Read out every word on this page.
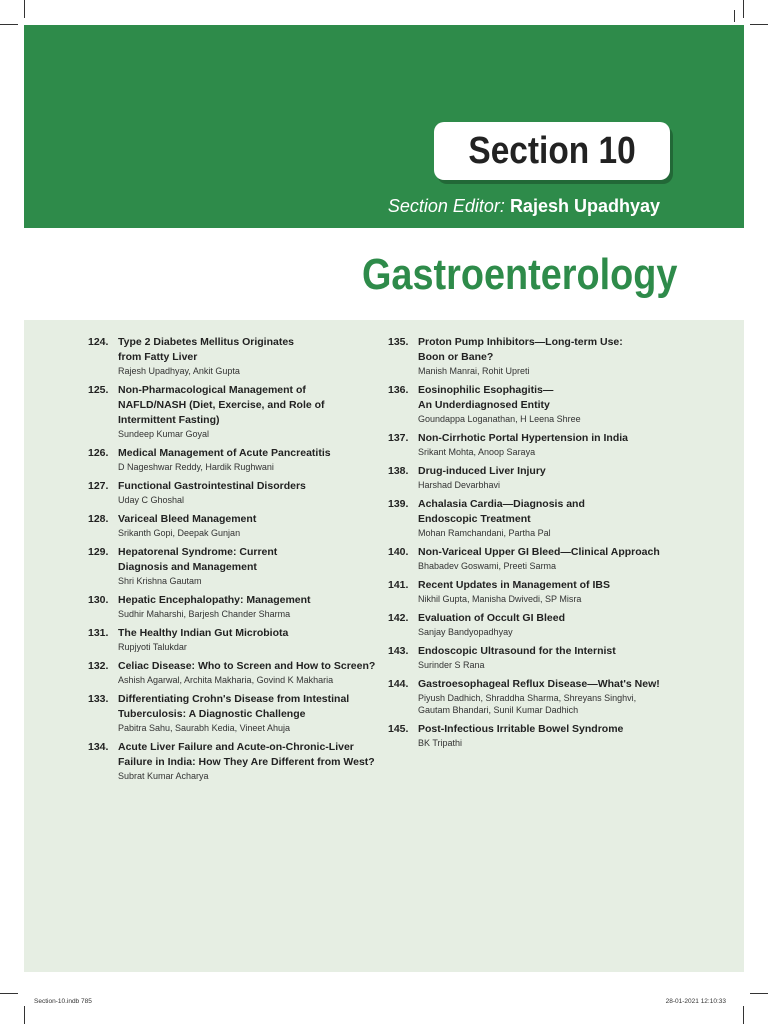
Section 10
Section Editor: Rajesh Upadhyay
Gastroenterology
124. Type 2 Diabetes Mellitus Originates
from Fatty Liver
Rajesh Upadhyay, Ankit Gupta
125. Non-Pharmacological Management of
NAFLD/NASH (Diet, Exercise, and Role of
Intermittent Fasting)
Sundeep Kumar Goyal
126. Medical Management of Acute Pancreatitis
D Nageshwar Reddy, Hardik Rughwani
127. Functional Gastrointestinal Disorders
Uday C Ghoshal
128. Variceal Bleed Management
Srikanth Gopi, Deepak Gunjan
129. Hepatorenal Syndrome: Current
Diagnosis and Management
Shri Krishna Gautam
130. Hepatic Encephalopathy: Management
Sudhir Maharshi, Barjesh Chander Sharma
131. The Healthy Indian Gut Microbiota
Rupjyoti Talukdar
132. Celiac Disease: Who to Screen and How to Screen?
Ashish Agarwal, Archita Makharia, Govind K Makharia
133. Differentiating Crohn's Disease from Intestinal
Tuberculosis: A Diagnostic Challenge
Pabitra Sahu, Saurabh Kedia, Vineet Ahuja
134. Acute Liver Failure and Acute-on-Chronic-Liver
Failure in India: How They Are Different from West?
Subrat Kumar Acharya
135. Proton Pump Inhibitors—Long-term Use:
Boon or Bane?
Manish Manrai, Rohit Upreti
136. Eosinophilic Esophagitis—
An Underdiagnosed Entity
Goundappa Loganathan, H Leena Shree
137. Non-Cirrhotic Portal Hypertension in India
Srikant Mohta, Anoop Saraya
138. Drug-induced Liver Injury
Harshad Devarbhavi
139. Achalasia Cardia—Diagnosis and
Endoscopic Treatment
Mohan Ramchandani, Partha Pal
140. Non-Variceal Upper GI Bleed—Clinical Approach
Bhabadev Goswami, Preeti Sarma
141. Recent Updates in Management of IBS
Nikhil Gupta, Manisha Dwivedi, SP Misra
142. Evaluation of Occult GI Bleed
Sanjay Bandyopadhyay
143. Endoscopic Ultrasound for the Internist
Surinder S Rana
144. Gastroesophageal Reflux Disease—What's New!
Piyush Dadhich, Shraddha Sharma, Shreyans Singhvi,
Gautam Bhandari, Sunil Kumar Dadhich
145. Post-Infectious Irritable Bowel Syndrome
BK Tripathi
Section-10.indb 785	28-01-2021 12:10:33
